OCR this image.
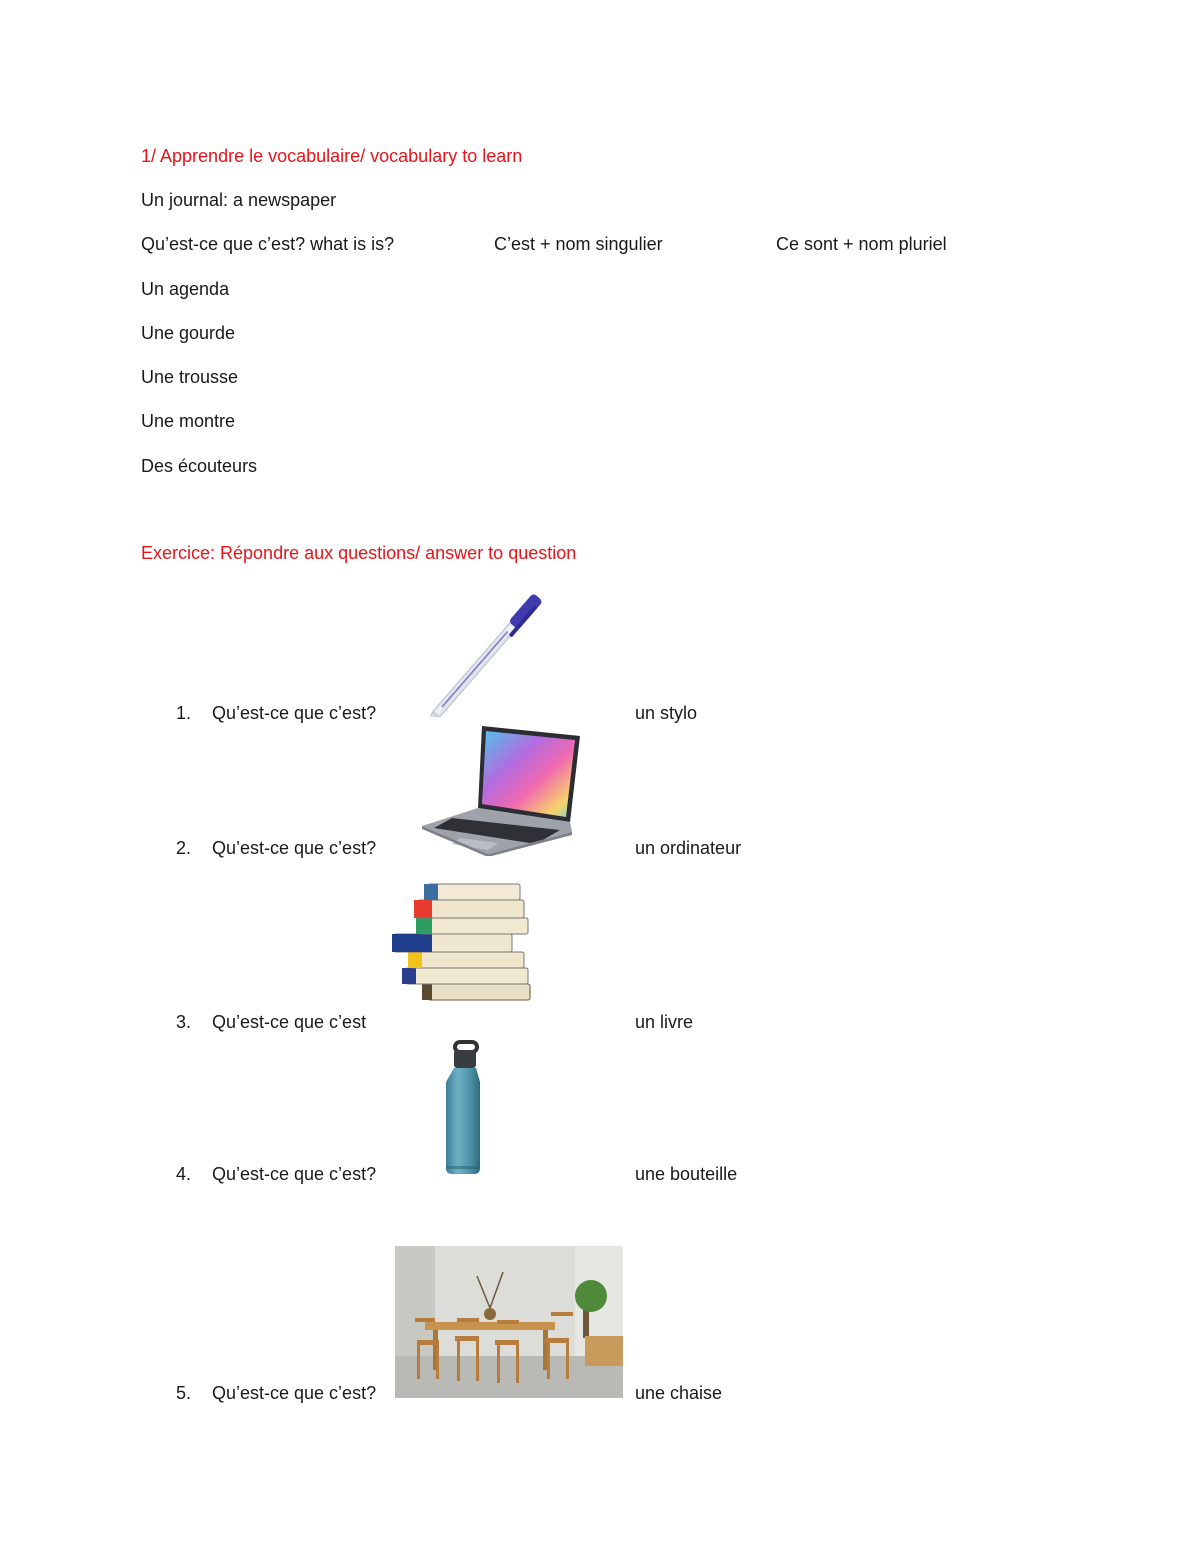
1/ Apprendre le vocabulaire/ vocabulary to learn
Un journal: a newspaper
Qu’est-ce que c’est? what is is?	C’est + nom singulier	Ce sont + nom pluriel
Un agenda
Une gourde
Une trousse
Une montre
Des écouteurs
Exercice: Répondre aux questions/ answer to question
1. Qu’est-ce que c’est?	un stylo
2. Qu’est-ce que c’est?	un ordinateur
3. Qu’est-ce que c’est	un livre
4. Qu’est-ce que c’est?	une bouteille
5. Qu’est-ce que c’est?	une chaise
